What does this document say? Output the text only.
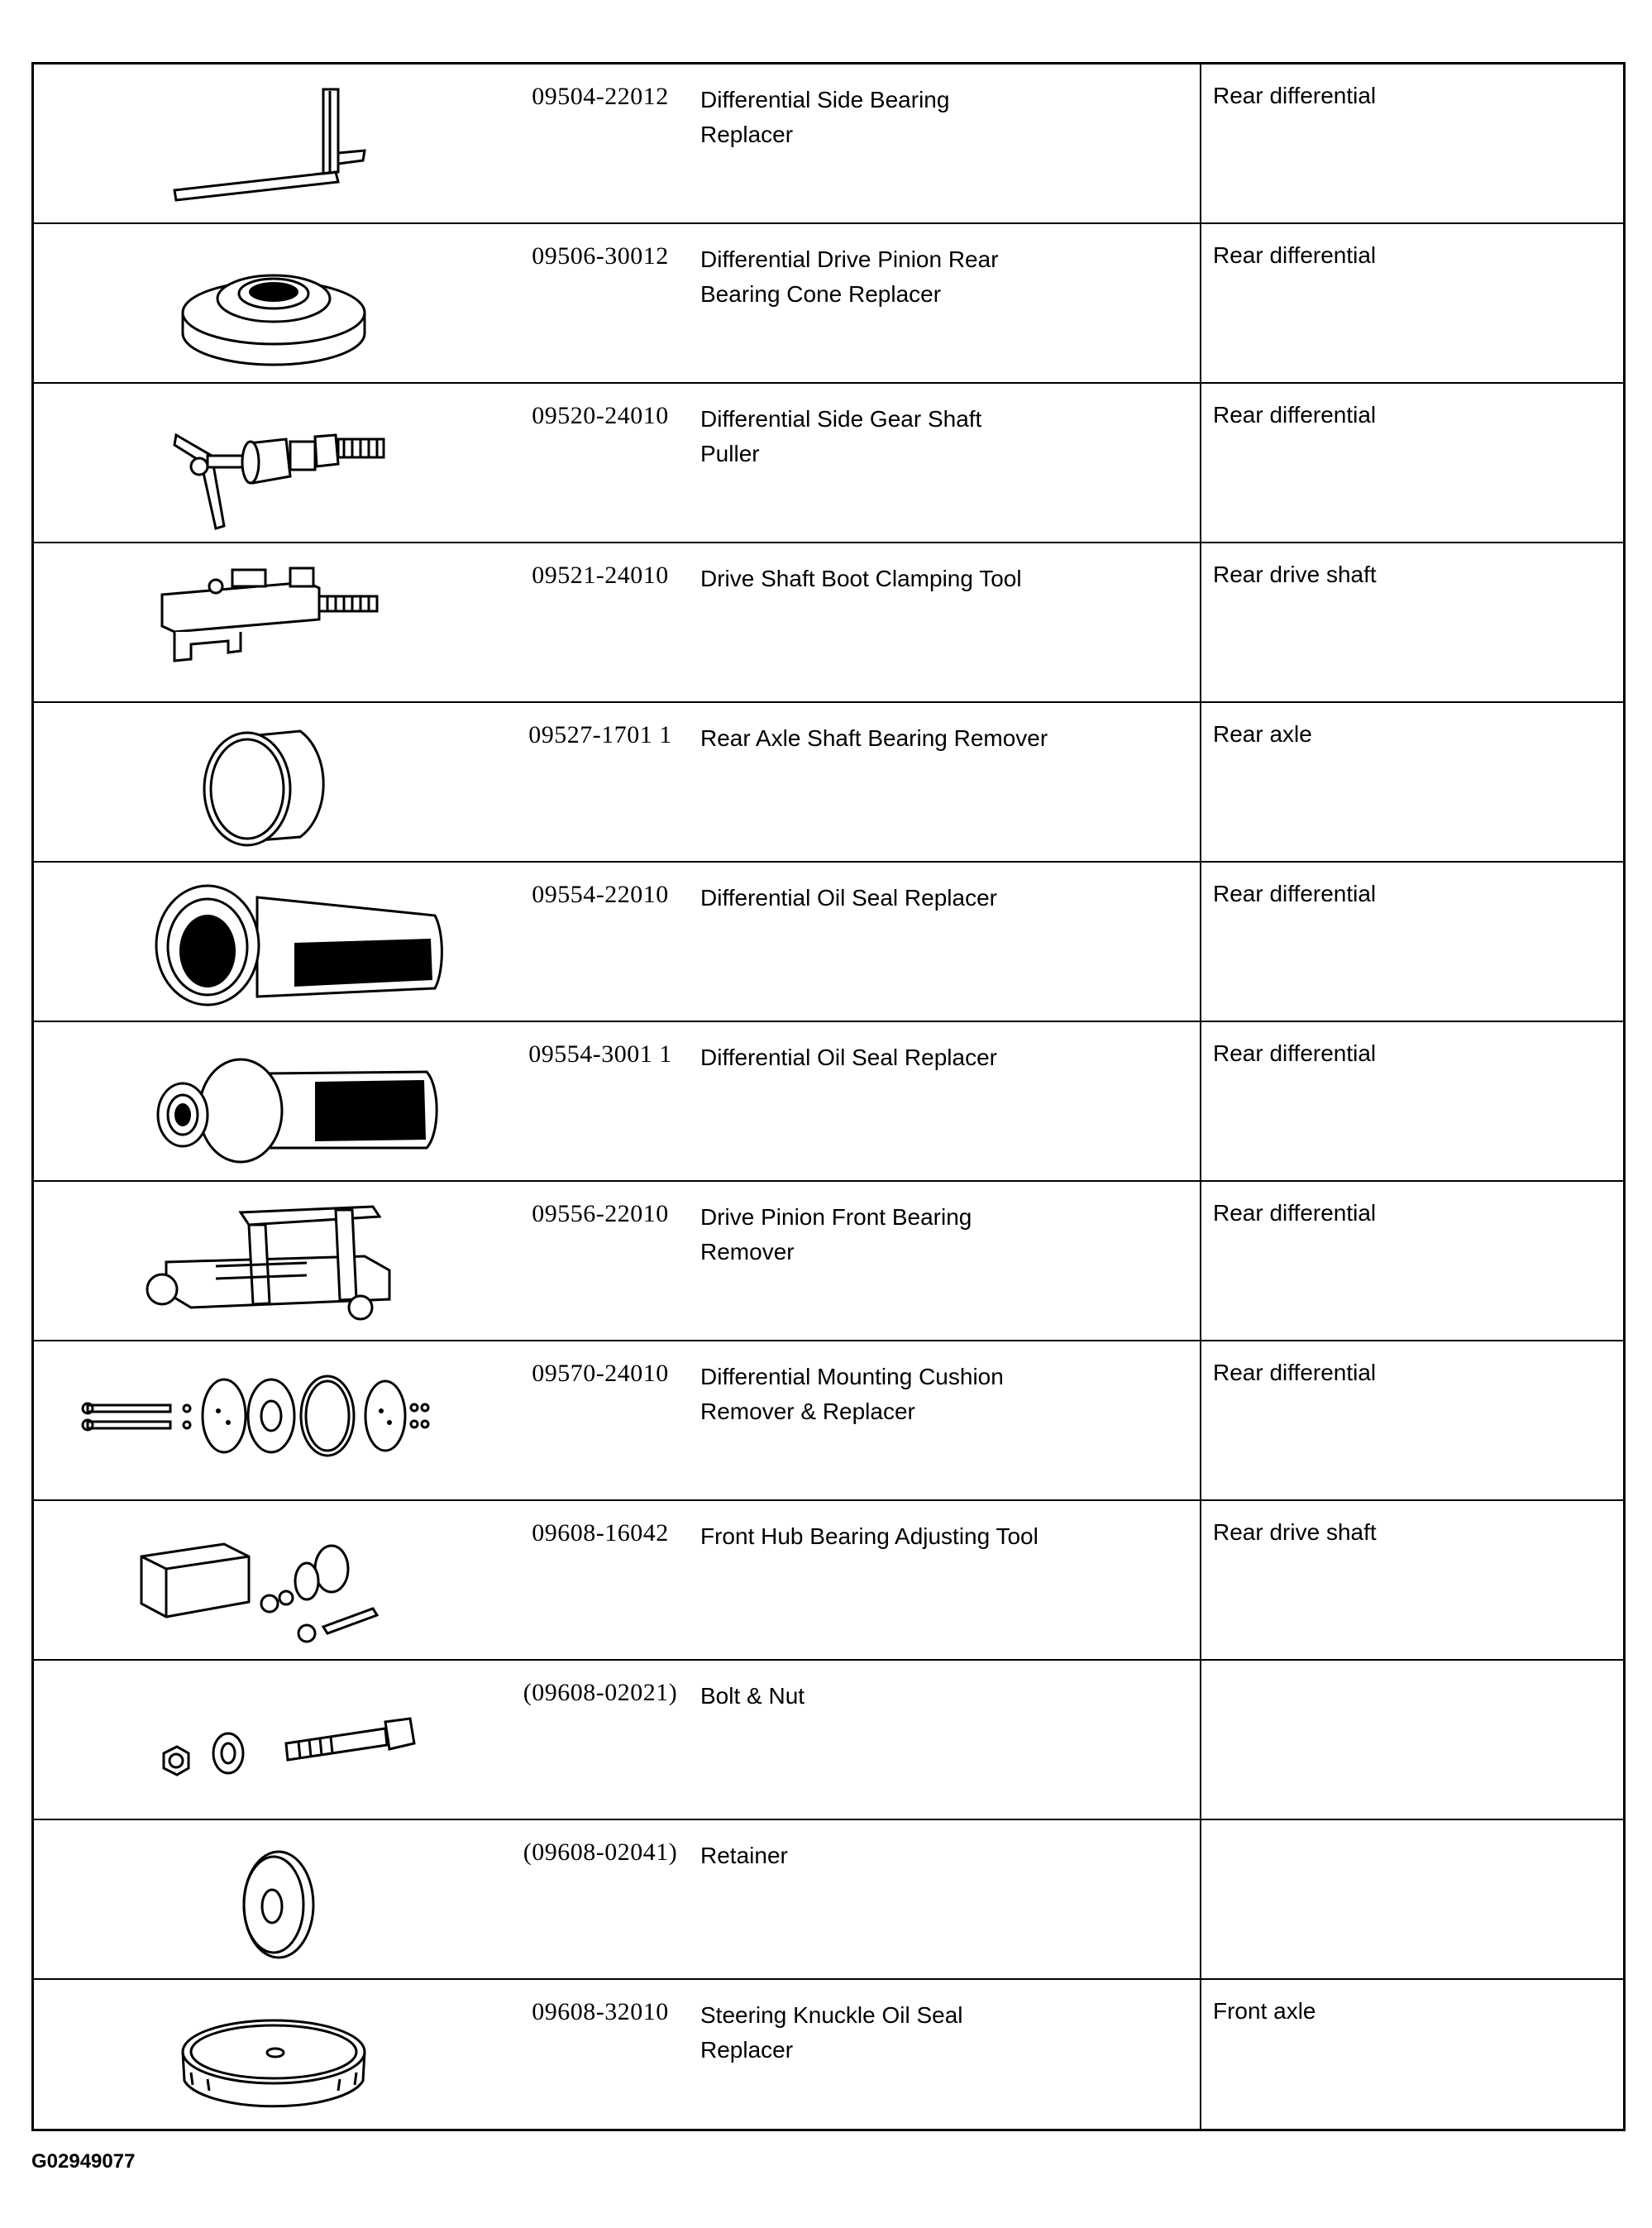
09504-22012	Differential Side Bearing
Replacer
Rear differential
09506-30012	Differential Drive Pinion Rear
Bearing Cone Replacer
Rear differential
09520-24010	Differential Side Gear Shaft
Puller
Rear differential
09521-24010	Drive Shaft Boot Clamping Tool	Rear drive shaft
09527-1701 1	Rear Axle Shaft Bearing Remover	Rear axle
09554-22010	Differential Oil Seal Replacer	Rear differential
09554-3001 1	Differential Oil Seal Replacer	Rear differential
09556-22010	Drive Pinion Front Bearing
Remover
Rear differential
09570-24010	Differential Mounting Cushion
Remover & Replacer
Rear differential
09608-16042	Front Hub Bearing Adjusting Tool	Rear drive shaft
(09608-02021) Bolt & Nut
(09608-02041) Retainer
09608-32010	Steering Knuckle Oil Seal
Replacer
Front axle
G02949077
